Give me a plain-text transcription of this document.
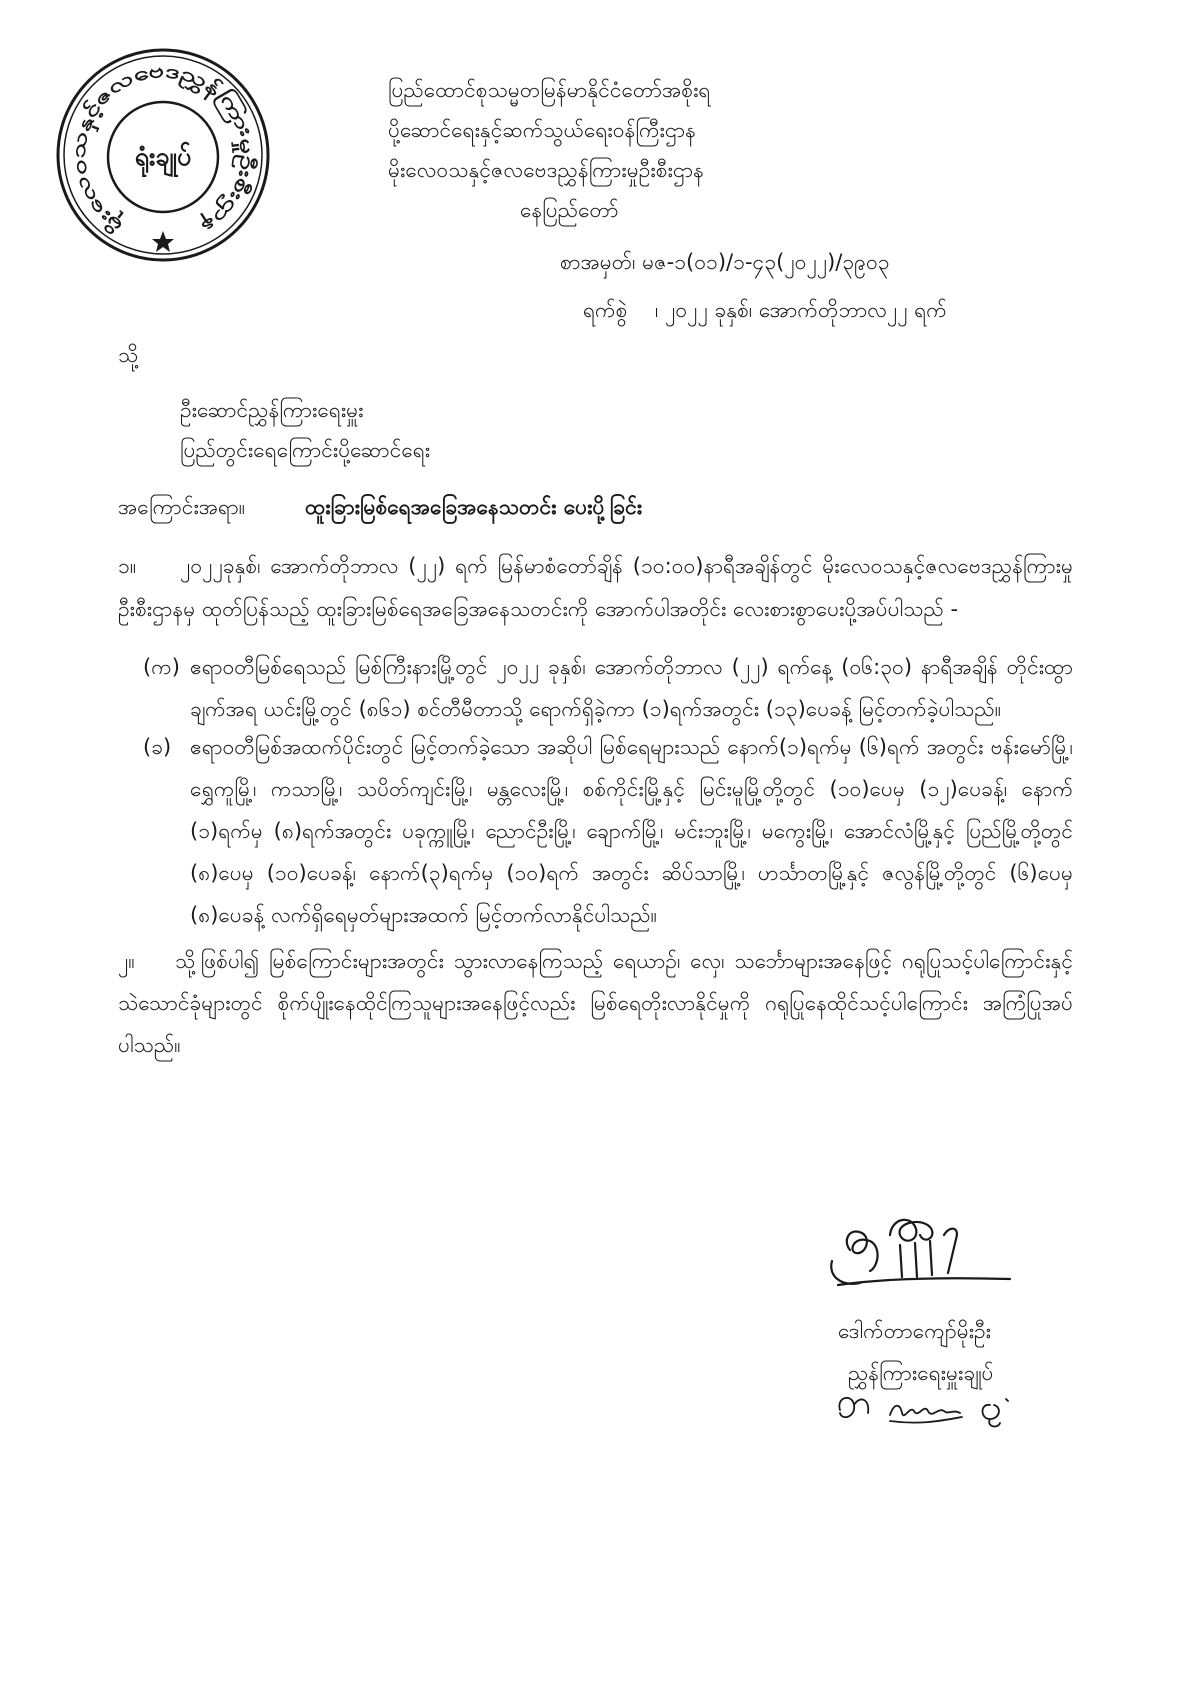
မိုးလေဝသနှင့်ဇလဗေဒညွှန်ကြားမှုဦးစီးဌာန
ရုံးချုပ်
ပြည်ထောင်စုသမ္မတမြန်မာနိုင်ငံတော်အစိုးရ
ပို့ဆောင်ရေးနှင့်ဆက်သွယ်ရေးဝန်ကြီးဌာန
မိုးလေဝသနှင့်ဇလဗေဒညွှန်ကြားမှုဦးစီးဌာန
နေပြည်တော်
စာအမှတ်၊ မဇ-၁(၀၁)/၁-၄၃(၂၀၂၂)/၃၉၀၃
ရက်စွဲ ၊ ၂၀၂၂ ခုနှစ်၊ အောက်တိုဘာလ၂၂ ရက်
သို့
ဦးဆောင်ညွှန်ကြားရေးမှူး
ပြည်တွင်းရေကြောင်းပို့ဆောင်ရေး
အကြောင်းအရာ။	ထူးခြားမြစ်ရေအခြေအနေသတင်း ပေးပို့ခြင်း

၁။ ၂၀၂၂ခုနှစ်၊ အောက်တိုဘာလ (၂၂) ရက် မြန်မာစံတော်ချိန် (၁၀:၀၀)နာရီအချိန်တွင် မိုးလေဝသနှင့်ဇလဗေဒညွှန်ကြားမှုဦးစီးဌာနမှ ထုတ်ပြန်သည့် ထူးခြားမြစ်ရေအခြေအနေသတင်းကို အောက်ပါအတိုင်း လေးစားစွာပေးပို့အပ်ပါသည် -

(က) ဧရာဝတီမြစ်ရေသည် မြစ်ကြီးနားမြို့တွင် ၂၀၂၂ ခုနှစ်၊ အောက်တိုဘာလ (၂၂) ရက်နေ့ (၀၆:၃၀) နာရီအချိန် တိုင်းထွာချက်အရ ယင်းမြို့တွင် (၈၆၁) စင်တီမီတာသို့ ရောက်ရှိခဲ့ကာ (၁)ရက်အတွင်း (၁၃)ပေခန့် မြင့်တက်ခဲ့ပါသည်။
(ခ) ဧရာဝတီမြစ်အထက်ပိုင်းတွင် မြင့်တက်ခဲ့သော အဆိုပါ မြစ်ရေများသည် နောက်(၁)ရက်မှ (၆)ရက် အတွင်း ဗန်းမော်မြို့၊ ရွှေကူမြို့၊ ကသာမြို့၊ သပိတ်ကျင်းမြို့၊ မန္တလေးမြို့၊ စစ်ကိုင်းမြို့နှင့် မြင်းမူမြို့တို့တွင် (၁၀)ပေမှ (၁၂)ပေခန့်၊ နောက် (၁)ရက်မှ (၈)ရက်အတွင်း ပခုက္ကူမြို့၊ ညောင်ဦးမြို့၊ ချောက်မြို့၊ မင်းဘူးမြို့၊ မကွေးမြို့၊ အောင်လံမြို့နှင့် ပြည်မြို့တို့တွင် (၈)ပေမှ (၁၀)ပေခန့်၊ နောက်(၃)ရက်မှ (၁၀)ရက် အတွင်း ဆိပ်သာမြို့၊ ဟင်္သာတမြို့နှင့် ဇလွန်မြို့တို့တွင် (၆)ပေမှ (၈)ပေခန့် လက်ရှိရေမှတ်များအထက် မြင့်တက်လာနိုင်ပါသည်။

၂။ သို့ဖြစ်ပါ၍ မြစ်ကြောင်းများအတွင်း သွားလာနေကြသည့် ရေယာဉ်၊ လှေ၊ သင်္ဘောများအနေဖြင့် ဂရုပြုသင့်ပါကြောင်းနှင့် သဲသောင်ခုံများတွင် စိုက်ပျိုးနေထိုင်ကြသူများအနေဖြင့်လည်း မြစ်ရေတိုးလာနိုင်မှုကို ဂရုပြုနေထိုင်သင့်ပါကြောင်း အကြံပြုအပ်ပါသည်။

ဒေါက်တာကျော်မိုးဦး
ညွှန်ကြားရေးမှူးချုပ်
